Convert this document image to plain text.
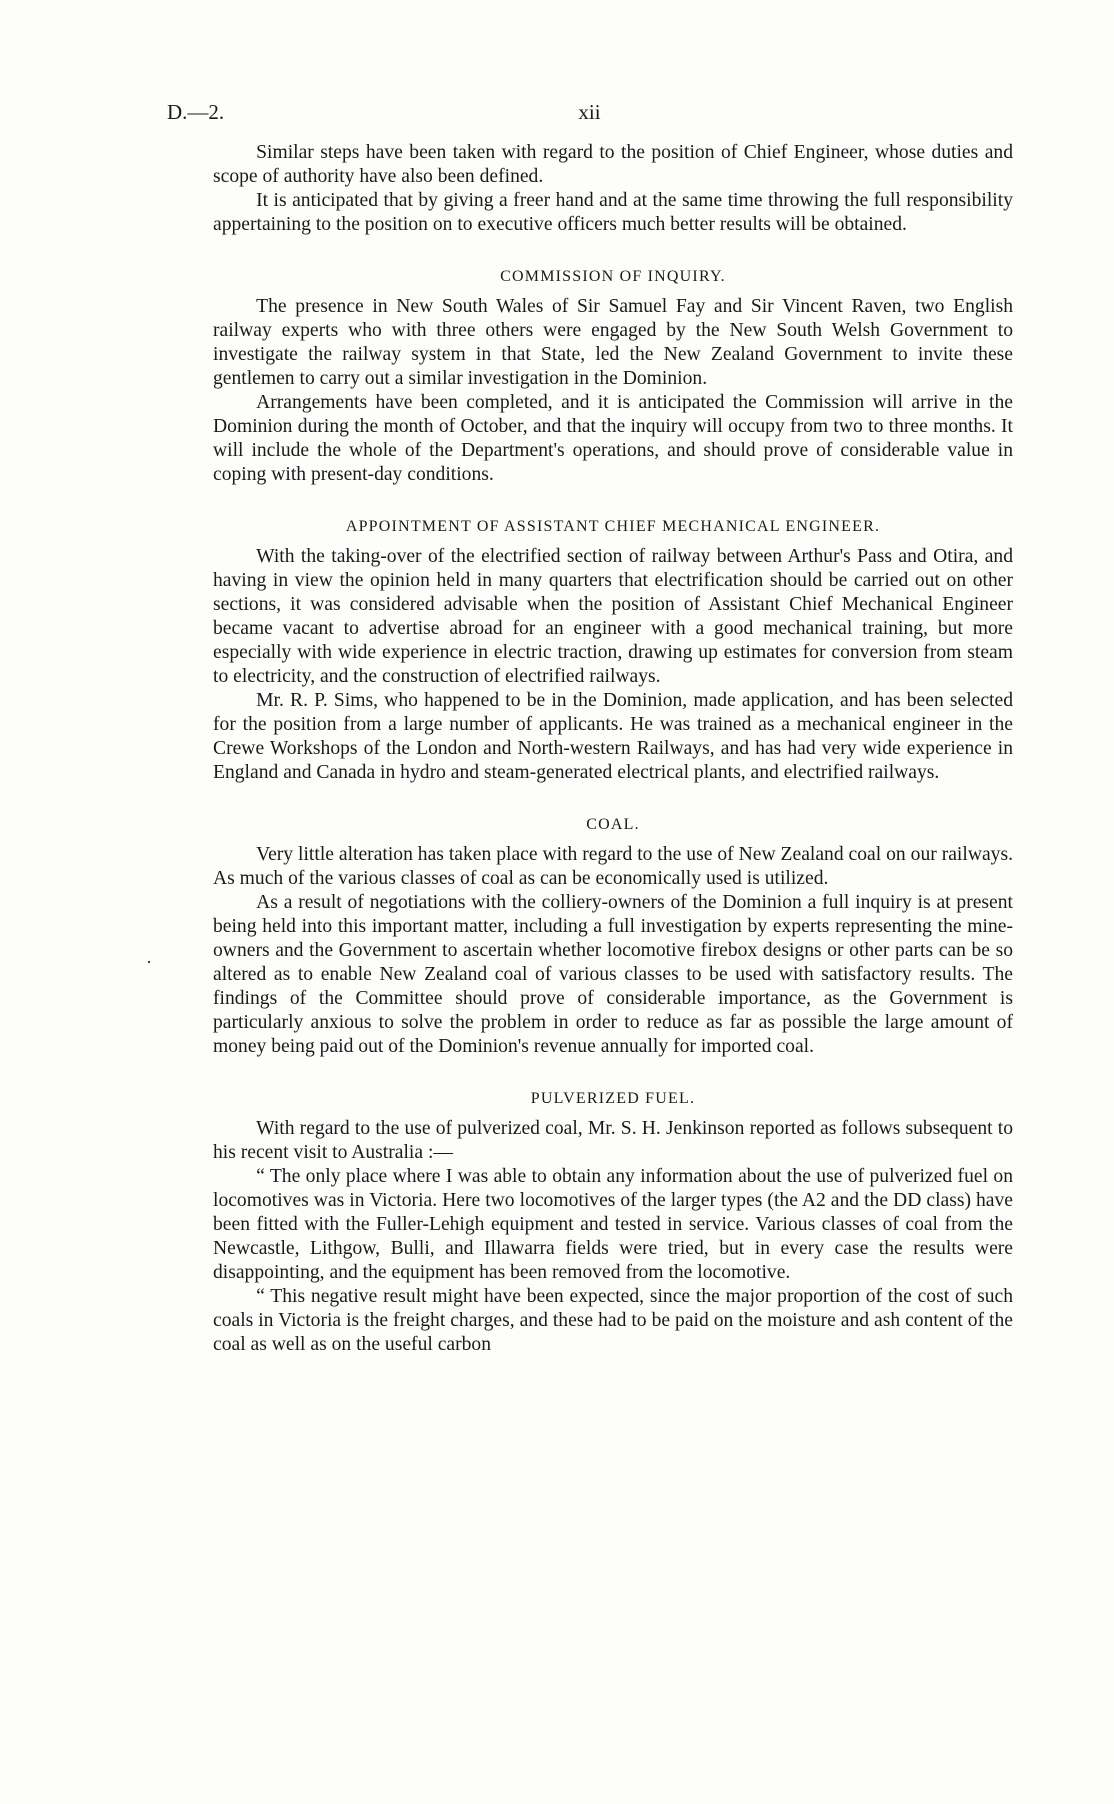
D.—2.	xii

Similar steps have been taken with regard to the position of Chief Engineer, whose duties and scope of authority have also been defined.

It is anticipated that by giving a freer hand and at the same time throwing the full responsibility appertaining to the position on to executive officers much better results will be obtained.

COMMISSION OF INQUIRY.

The presence in New South Wales of Sir Samuel Fay and Sir Vincent Raven, two English railway experts who with three others were engaged by the New South Welsh Government to investigate the railway system in that State, led the New Zealand Government to invite these gentlemen to carry out a similar investigation in the Dominion.

Arrangements have been completed, and it is anticipated the Commission will arrive in the Dominion during the month of October, and that the inquiry will occupy from two to three months. It will include the whole of the Department's operations, and should prove of considerable value in coping with present-day conditions.

APPOINTMENT OF ASSISTANT CHIEF MECHANICAL ENGINEER.

With the taking-over of the electrified section of railway between Arthur's Pass and Otira, and having in view the opinion held in many quarters that electrification should be carried out on other sections, it was considered advisable when the position of Assistant Chief Mechanical Engineer became vacant to advertise abroad for an engineer with a good mechanical training, but more especially with wide experience in electric traction, drawing up estimates for conversion from steam to electricity, and the construction of electrified railways.

Mr. R. P. Sims, who happened to be in the Dominion, made application, and has been selected for the position from a large number of applicants. He was trained as a mechanical engineer in the Crewe Workshops of the London and North-western Railways, and has had very wide experience in England and Canada in hydro and steam-generated electrical plants, and electrified railways.

COAL.

Very little alteration has taken place with regard to the use of New Zealand coal on our railways. As much of the various classes of coal as can be economically used is utilized.

As a result of negotiations with the colliery-owners of the Dominion a full inquiry is at present being held into this important matter, including a full investigation by experts representing the mine-owners and the Government to ascertain whether locomotive firebox designs or other parts can be so altered as to enable New Zealand coal of various classes to be used with satisfactory results. The findings of the Committee should prove of considerable importance, as the Government is particularly anxious to solve the problem in order to reduce as far as possible the large amount of money being paid out of the Dominion's revenue annually for imported coal.

PULVERIZED FUEL.

With regard to the use of pulverized coal, Mr. S. H. Jenkinson reported as follows subsequent to his recent visit to Australia :—

“ The only place where I was able to obtain any information about the use of pulverized fuel on locomotives was in Victoria. Here two locomotives of the larger types (the A2 and the DD class) have been fitted with the Fuller-Lehigh equipment and tested in service. Various classes of coal from the Newcastle, Lithgow, Bulli, and Illawarra fields were tried, but in every case the results were disappointing, and the equipment has been removed from the locomotive.

“ This negative result might have been expected, since the major proportion of the cost of such coals in Victoria is the freight charges, and these had to be paid on the moisture and ash content of the coal as well as on the useful carbon

·
